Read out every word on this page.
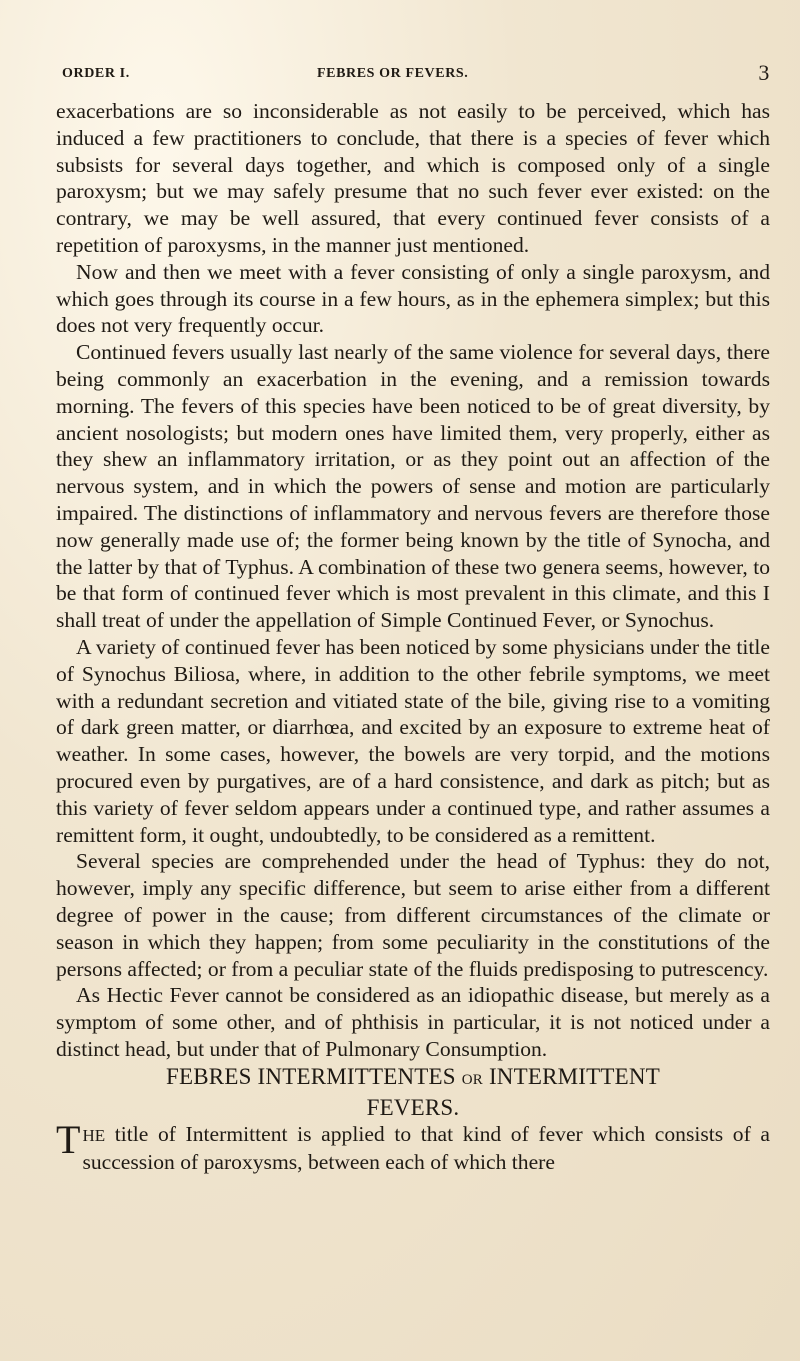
ORDER I.	FEBRES OR FEVERS.	3

exacerbations are so inconsiderable as not easily to be perceived, which has induced a few practitioners to conclude, that there is a species of fever which subsists for several days together, and which is composed only of a single paroxysm; but we may safely presume that no such fever ever existed: on the contrary, we may be well assured, that every continued fever consists of a repetition of paroxysms, in the manner just mentioned.

Now and then we meet with a fever consisting of only a single paroxysm, and which goes through its course in a few hours, as in the ephemera simplex; but this does not very frequently occur.

Continued fevers usually last nearly of the same violence for several days, there being commonly an exacerbation in the evening, and a remission towards morning. The fevers of this species have been noticed to be of great diversity, by ancient nosologists; but modern ones have limited them, very properly, either as they shew an inflammatory irritation, or as they point out an affection of the nervous system, and in which the powers of sense and motion are particularly impaired. The distinctions of inflammatory and nervous fevers are therefore those now generally made use of; the former being known by the title of Synocha, and the latter by that of Typhus. A combination of these two genera seems, however, to be that form of continued fever which is most prevalent in this climate, and this I shall treat of under the appellation of Simple Continued Fever, or Synochus.

A variety of continued fever has been noticed by some physicians under the title of Synochus Biliosa, where, in addition to the other febrile symptoms, we meet with a redundant secretion and vitiated state of the bile, giving rise to a vomiting of dark green matter, or diarrhœa, and excited by an exposure to extreme heat of weather. In some cases, however, the bowels are very torpid, and the motions procured even by purgatives, are of a hard consistence, and dark as pitch; but as this variety of fever seldom appears under a continued type, and rather assumes a remittent form, it ought, undoubtedly, to be considered as a remittent.

Several species are comprehended under the head of Typhus: they do not, however, imply any specific difference, but seem to arise either from a different degree of power in the cause; from different circumstances of the climate or season in which they happen; from some peculiarity in the constitutions of the persons affected; or from a peculiar state of the fluids predisposing to putrescency.

As Hectic Fever cannot be considered as an idiopathic disease, but merely as a symptom of some other, and of phthisis in particular, it is not noticed under a distinct head, but under that of Pulmonary Consumption.

FEBRES INTERMITTENTES OR INTERMITTENT
FEVERS.

THE title of Intermittent is applied to that kind of fever which consists of a succession of paroxysms, between each of which there
